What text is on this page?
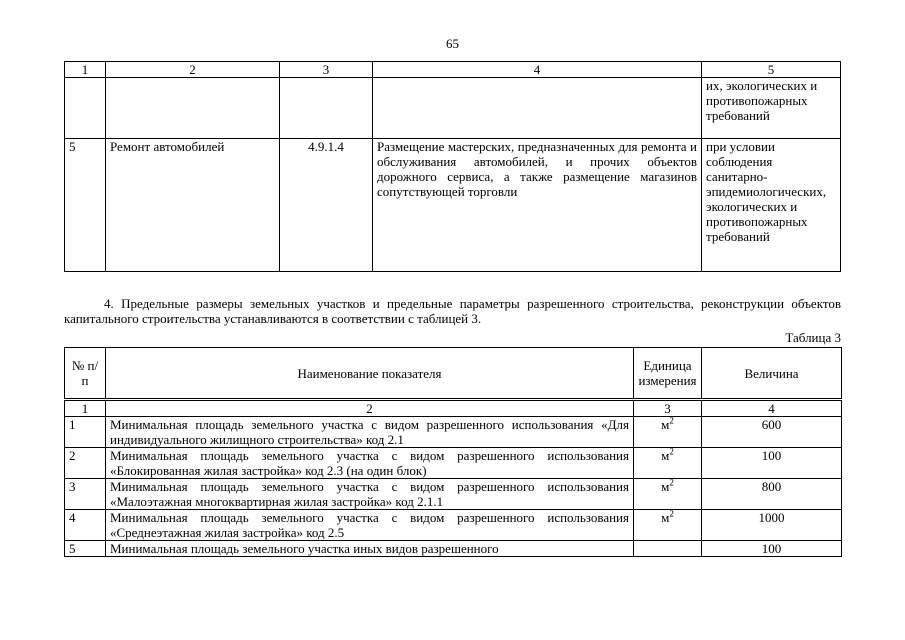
65
1	2	3	4	5
				их, экологических и противопожарных требований
5	Ремонт автомобилей	4.9.1.4	Размещение мастерских, предназначенных для ремонта и обслуживания автомобилей, и прочих объектов дорожного сервиса, а также размещение магазинов сопутствующей торговли	при условии соблюдения санитарно-эпидемиологических, экологических и противопожарных требований
4. Предельные размеры земельных участков и предельные параметры разрешенного строительства, реконструкции объектов капитального строительства устанавливаются в соответствии с таблицей 3.
Таблица 3
№ п/п	Наименование показателя	Единица измерения	Величина
1	2	3	4
1	Минимальная площадь земельного участка с видом разрешенного использования «Для индивидуального жилищного строительства» код 2.1	$м^2$	600
2	Минимальная площадь земельного участка с видом разрешенного использования «Блокированная жилая застройка» код 2.3 (на один блок)	$м^2$	100
3	Минимальная площадь земельного участка с видом разрешенного использования «Малоэтажная многоквартирная жилая застройка» код 2.1.1	$м^2$	800
4	Минимальная площадь земельного участка с видом разрешенного использования «Среднеэтажная жилая застройка» код 2.5	$м^2$	1000
5	Минимальная площадь земельного участка иных видов разрешенного		100
